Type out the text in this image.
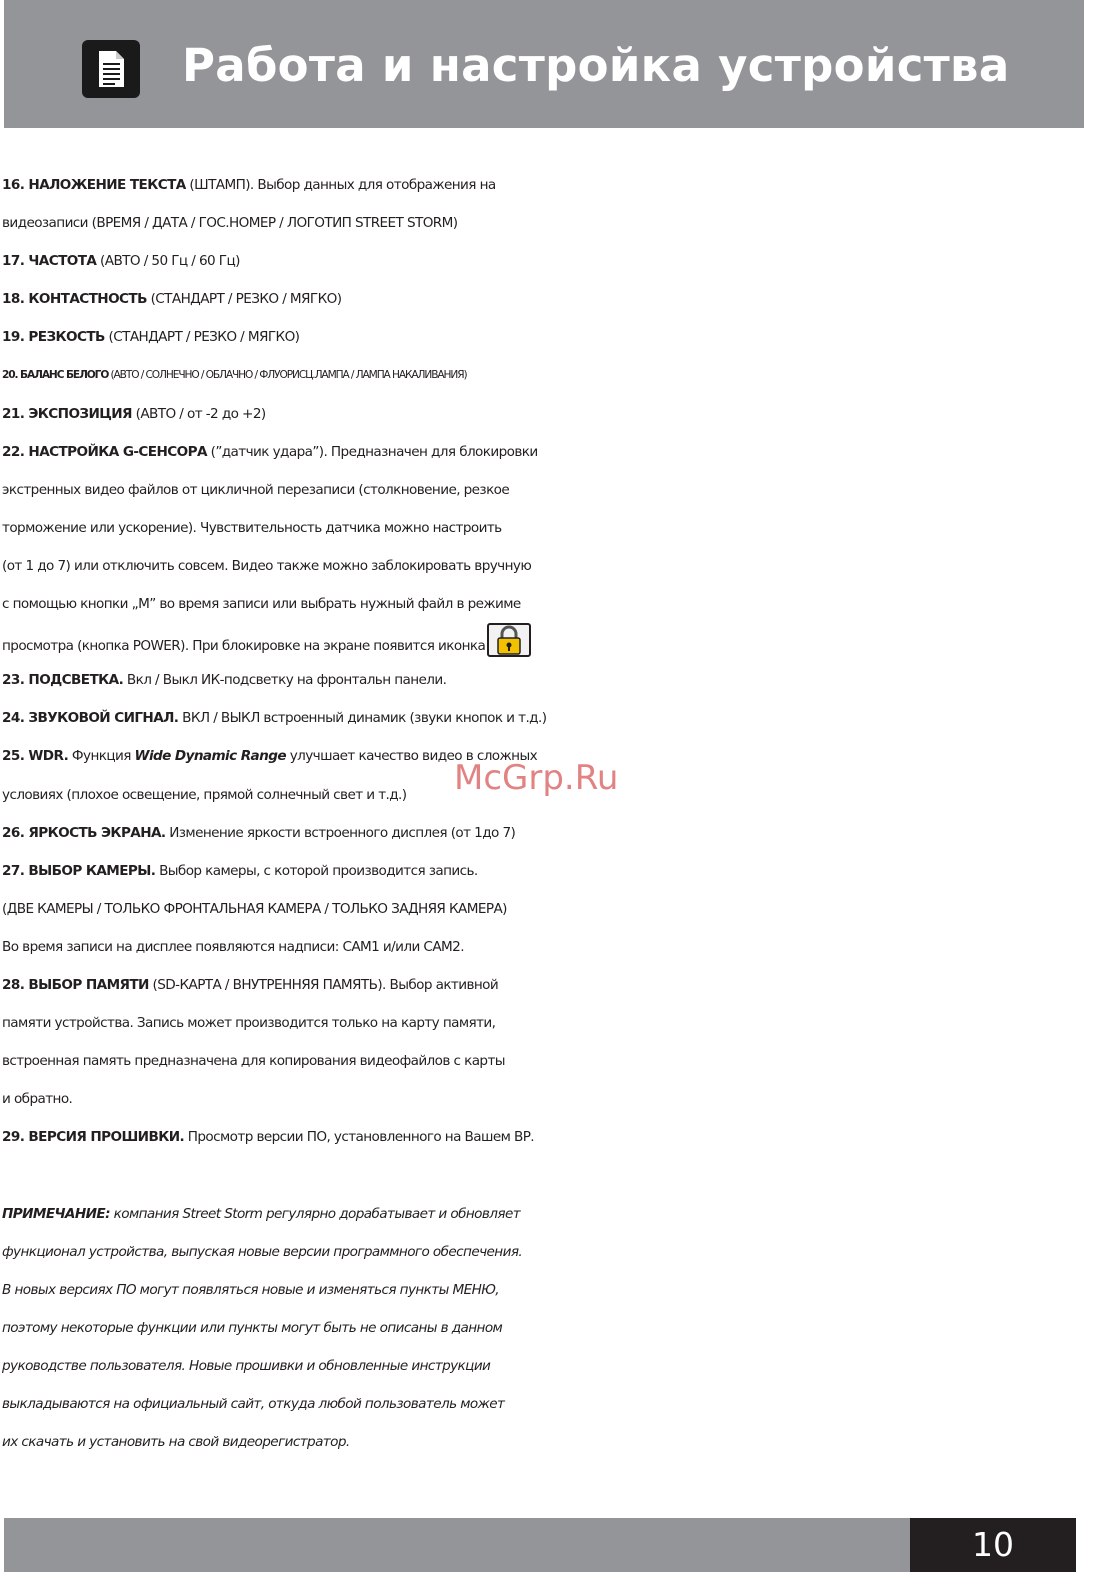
Работа и настройка устройства
16. НАЛОЖЕНИЕ ТЕКСТА (ШТАМП). Выбор данных для отображения на
видеозаписи (ВРЕМЯ / ДАТА / ГОС.НОМЕР / ЛОГОТИП STREET STORM)
17. ЧАСТОТА (АВТО / 50 Гц / 60 Гц)
18. КОНТАСТНОСТЬ (СТАНДАРТ / РЕЗКО / МЯГКО)
19. РЕЗКОСТЬ (СТАНДАРТ / РЕЗКО / МЯГКО)
20. БАЛАНС БЕЛОГО (АВТО / СОЛНЕЧНО / ОБЛАЧНО / ФЛУОРИСЦ.ЛАМПА / ЛАМПА НАКАЛИВАНИЯ)
21. ЭКСПОЗИЦИЯ (АВТО / от -2 до +2)
22. НАСТРОЙКА G-СЕНСОРА (”датчик удара”). Предназначен для блокировки
экстренных видео файлов от цикличной перезаписи (столкновение, резкое
торможение или ускорение). Чувствительность датчика можно настроить
(от 1 до 7) или отключить совсем. Видео также можно заблокировать вручную
с помощью кнопки „M” во время записи или выбрать нужный файл в режиме
просмотра (кнопка POWER). При блокировке на экране появится иконка
23. ПОДСВЕТКА. Вкл / Выкл ИК-подсветку на фронтальн панели.
24. ЗВУКОВОЙ СИГНАЛ. ВКЛ / ВЫКЛ встроенный динамик (звуки кнопок и т.д.)
25. WDR. Функция Wide Dynamic Range улучшает качество видео в сложных
условиях (плохое освещение, прямой солнечный свет и т.д.)
26. ЯРКОСТЬ ЭКРАНА. Изменение яркости встроенного дисплея (от 1до 7)
27. ВЫБОР КАМЕРЫ. Выбор камеры, с которой производится запись.
(ДВЕ КАМЕРЫ / ТОЛЬКО ФРОНТАЛЬНАЯ КАМЕРА / ТОЛЬКО ЗАДНЯЯ КАМЕРА)
Во время записи на дисплее появляются надписи: CAM1 и/или CAM2.
28. ВЫБОР ПАМЯТИ (SD-КАРТА / ВНУТРЕННЯЯ ПАМЯТЬ). Выбор активной
памяти устройства. Запись может производится только на карту памяти,
встроенная память предназначена для копирования видеофайлов с карты
и обратно.
29. ВЕРСИЯ ПРОШИВКИ. Просмотр версии ПО, установленного на Вашем ВР.
ПРИМЕЧАНИЕ: компания Street Storm регулярно дорабатывает и обновляет
функционал устройства, выпуская новые версии программного обеспечения.
В новых версиях ПО могут появляться новые и изменяться пункты МЕНЮ,
поэтому некоторые функции или пункты могут быть не описаны в данном
руководстве пользователя. Новые прошивки и обновленные инструкции
выкладываются на официальный сайт, откуда любой пользователь может
их скачать и установить на свой видеорегистратор.
McGrp.Ru
10
